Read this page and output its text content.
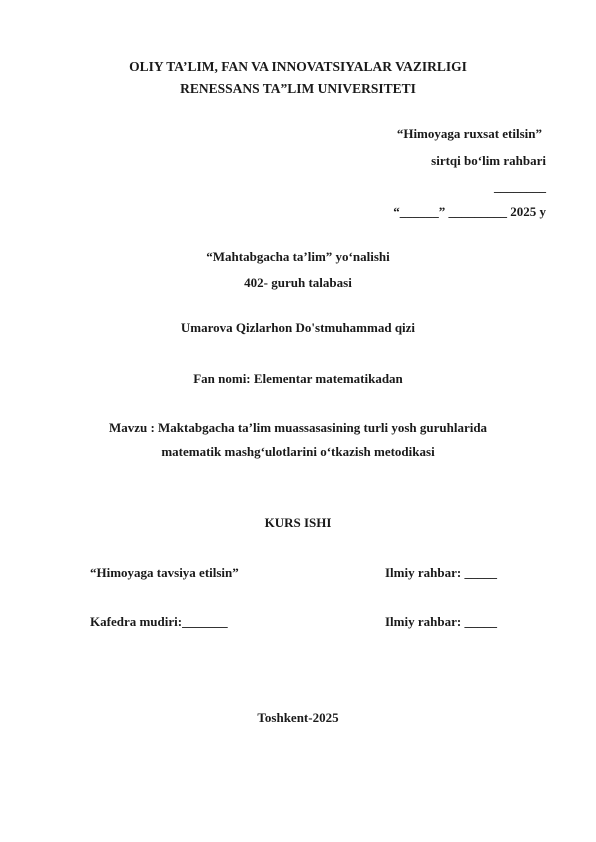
OLIY TA’LIM, FAN VA INNOVATSIYALAR VAZIRLIGI
RENESSANS TA”LIM UNIVERSITETI
“Himoyaga ruxsat etilsin”
sirtqi bo‘lim rahbari
________
“______” _________ 2025 y
“Mahtabgacha ta’lim” yo‘nalishi
402- guruh talabasi
Umarova Qizlarhon Do'stmuhammad qizi
Fan nomi: Elementar matematikadan
Mavzu : Maktabgacha ta’lim muassasasining turli yosh guruhlarida
matematik mashg‘ulotlarini o‘tkazish metodikasi
KURS ISHI
“Himoyaga tavsiya etilsin”	Ilmiy rahbar: _____
Kafedra mudiri:_______	Ilmiy rahbar: _____
Toshkent-2025
